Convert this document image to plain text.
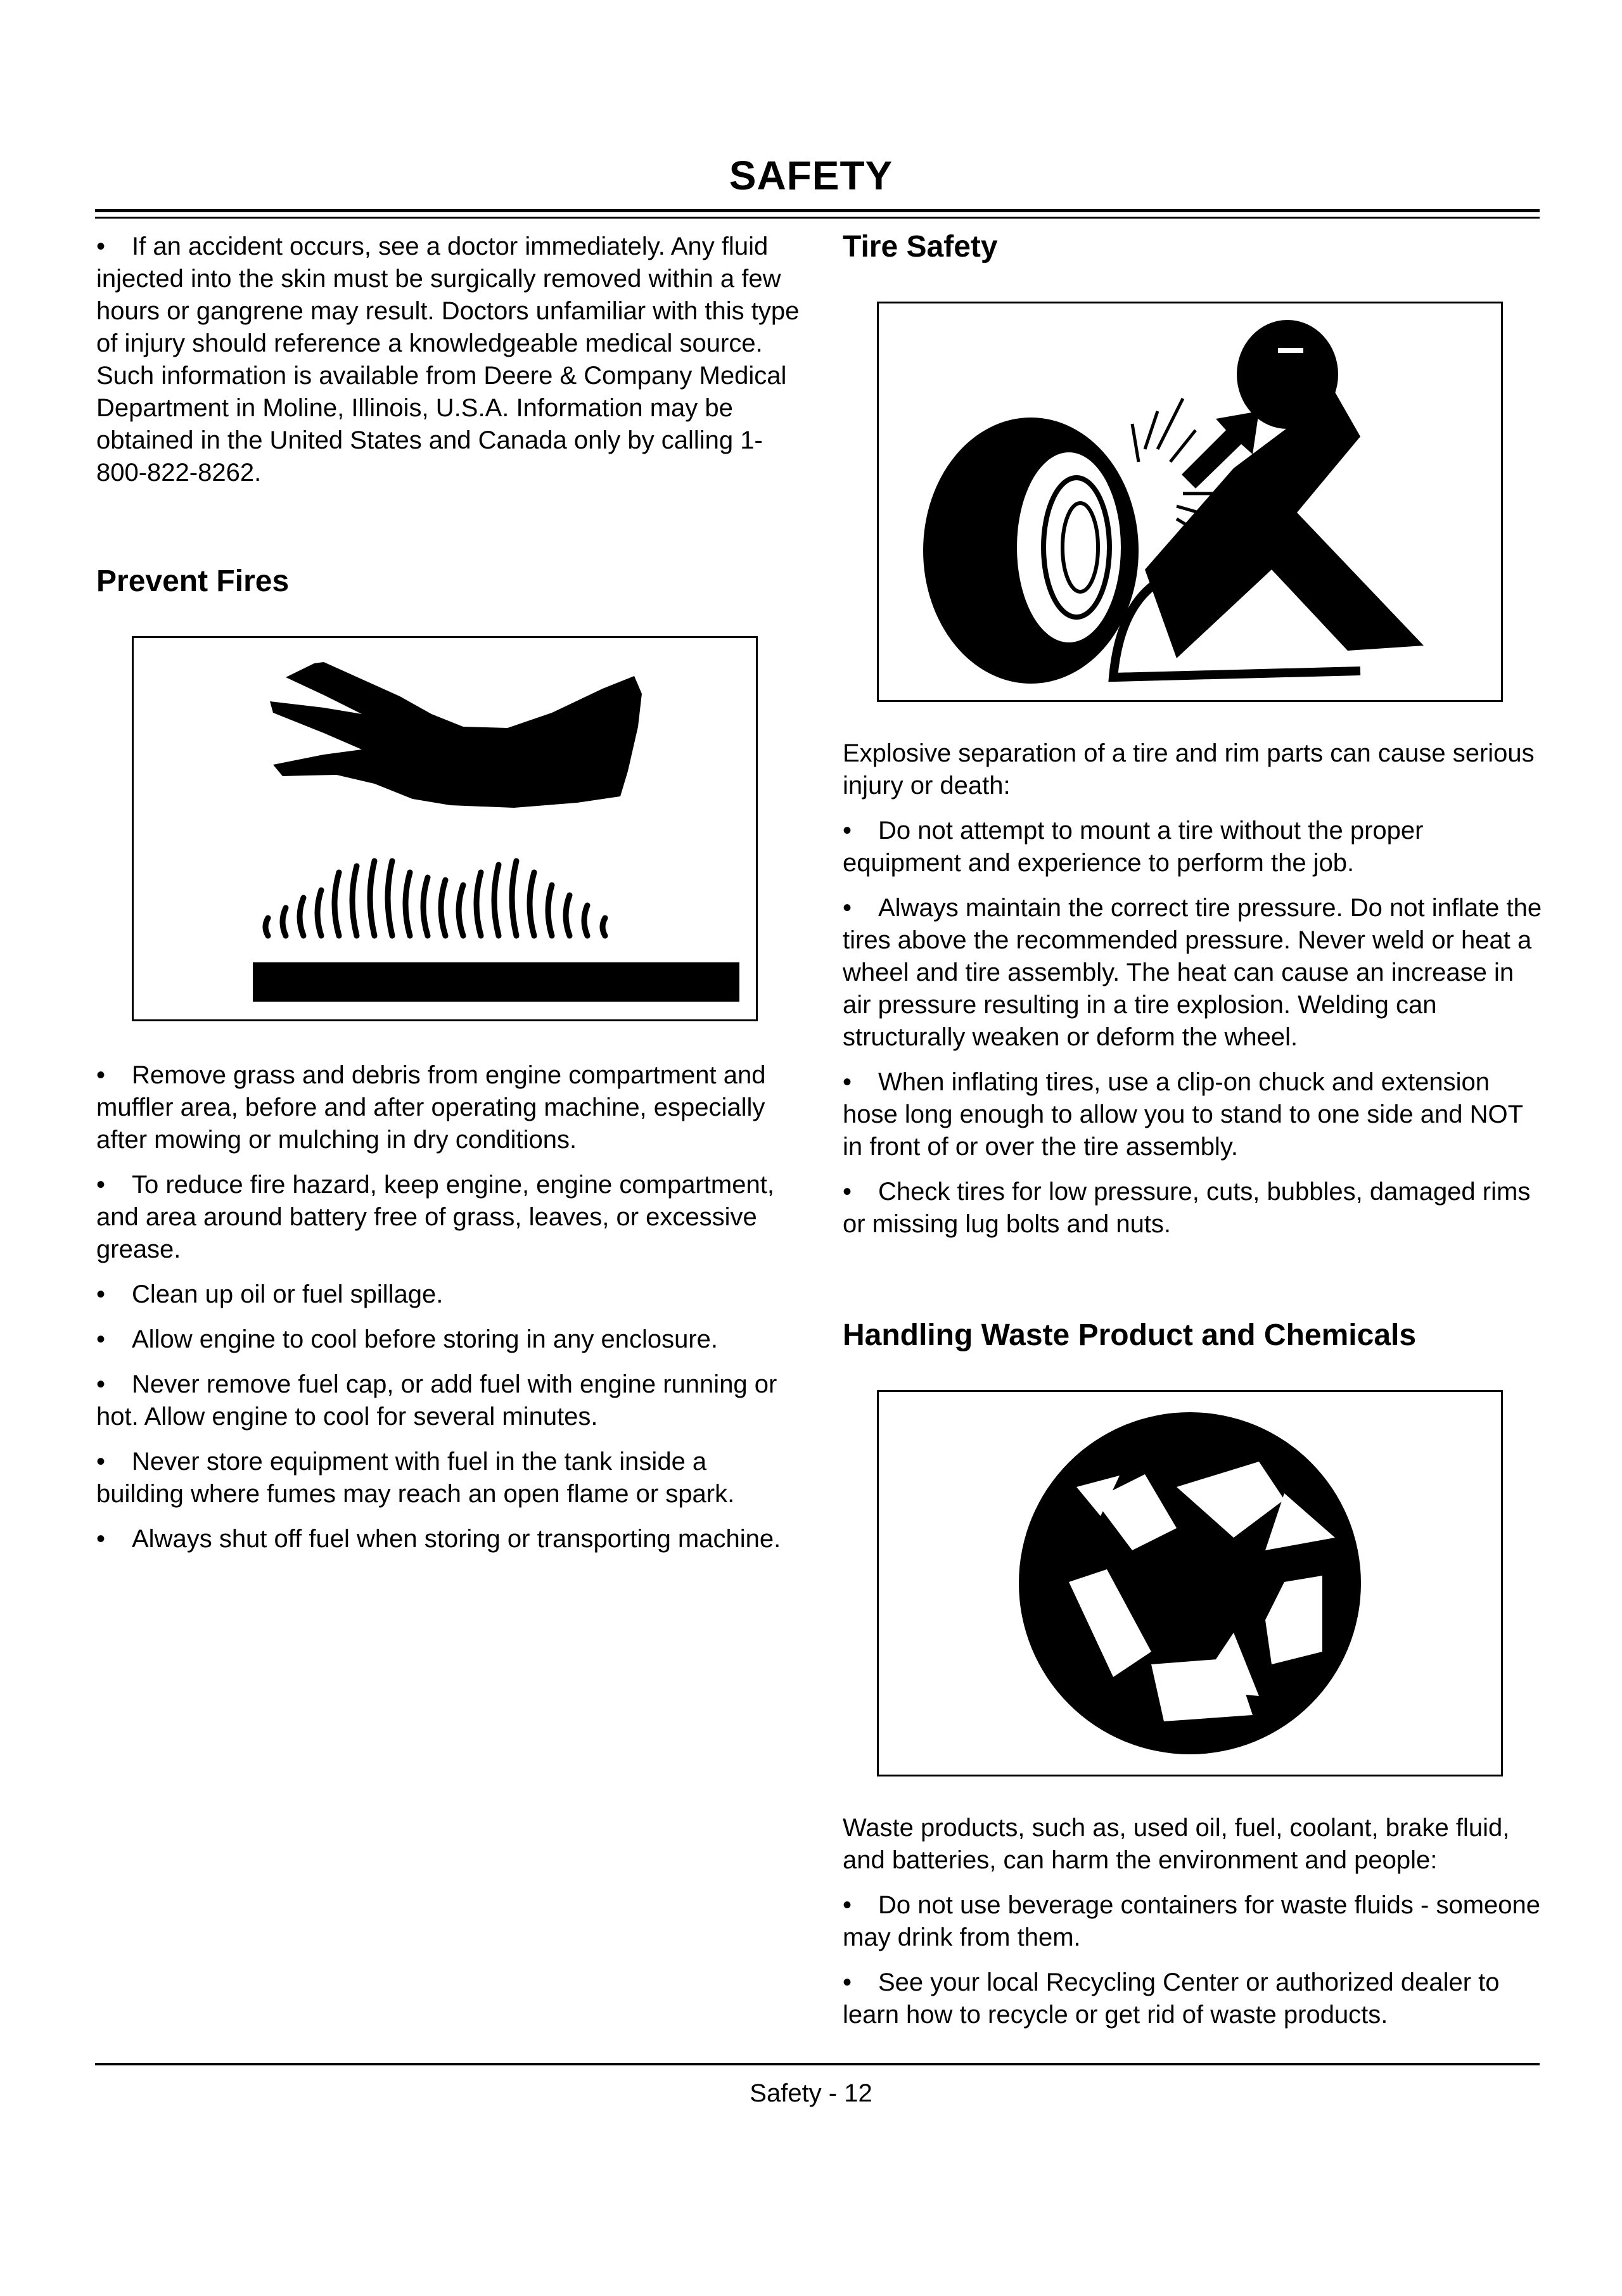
SAFETY

• If an accident occurs, see a doctor immediately. Any fluid injected into the skin must be surgically removed within a few hours or gangrene may result. Doctors unfamiliar with this type of injury should reference a knowledgeable medical source. Such information is available from Deere & Company Medical Department in Moline, Illinois, U.S.A. Information may be obtained in the United States and Canada only by calling 1-800-822-8262.

Prevent Fires

• Remove grass and debris from engine compartment and muffler area, before and after operating machine, especially after mowing or mulching in dry conditions.

• To reduce fire hazard, keep engine, engine compartment, and area around battery free of grass, leaves, or excessive grease.

• Clean up oil or fuel spillage.

• Allow engine to cool before storing in any enclosure.

• Never remove fuel cap, or add fuel with engine running or hot. Allow engine to cool for several minutes.

• Never store equipment with fuel in the tank inside a building where fumes may reach an open flame or spark.

• Always shut off fuel when storing or transporting machine.

Tire Safety

Explosive separation of a tire and rim parts can cause serious injury or death:

• Do not attempt to mount a tire without the proper equipment and experience to perform the job.

• Always maintain the correct tire pressure. Do not inflate the tires above the recommended pressure. Never weld or heat a wheel and tire assembly. The heat can cause an increase in air pressure resulting in a tire explosion. Welding can structurally weaken or deform the wheel.

• When inflating tires, use a clip-on chuck and extension hose long enough to allow you to stand to one side and NOT in front of or over the tire assembly.

• Check tires for low pressure, cuts, bubbles, damaged rims or missing lug bolts and nuts.

Handling Waste Product and Chemicals

Waste products, such as, used oil, fuel, coolant, brake fluid, and batteries, can harm the environment and people:

• Do not use beverage containers for waste fluids - someone may drink from them.

• See your local Recycling Center or authorized dealer to learn how to recycle or get rid of waste products.

Safety - 12
